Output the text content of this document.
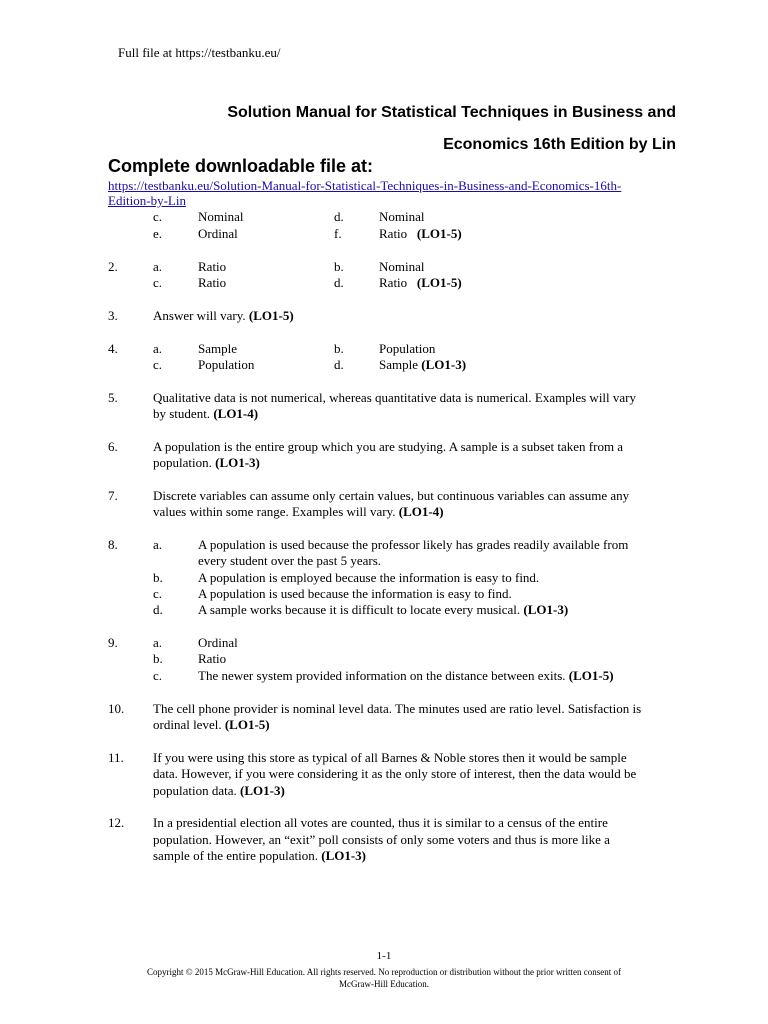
Full file at https://testbanku.eu/
Solution Manual for Statistical Techniques in Business and
Economics 16th Edition by Lin
Complete downloadable file at:
https://testbanku.eu/Solution-Manual-for-Statistical-Techniques-in-Business-and-Economics-16th-
Edition-by-Lin
c.	Nominal	d.	Nominal
e.	Ordinal	f.	Ratio (LO1-5)
2.	a.	Ratio	b.	Nominal
c.	Ratio	d.	Ratio (LO1-5)
3.	Answer will vary. (LO1-5)
4.	a.	Sample	b.	Population
c.	Population	d.	Sample (LO1-3)
5.	Qualitative data is not numerical, whereas quantitative data is numerical. Examples will vary
by student. (LO1-4)
6.	A population is the entire group which you are studying. A sample is a subset taken from a
population. (LO1-3)
7.	Discrete variables can assume only certain values, but continuous variables can assume any
values within some range. Examples will vary. (LO1-4)
8.	a.	A population is used because the professor likely has grades readily available from
every student over the past 5 years.
b.	A population is employed because the information is easy to find.
c.	A population is used because the information is easy to find.
d.	A sample works because it is difficult to locate every musical. (LO1-3)
9.	a.	Ordinal
b.	Ratio
c.	The newer system provided information on the distance between exits. (LO1-5)
10. The cell phone provider is nominal level data. The minutes used are ratio level. Satisfaction is
ordinal level. (LO1-5)
11. If you were using this store as typical of all Barnes & Noble stores then it would be sample
data. However, if you were considering it as the only store of interest, then the data would be
population data. (LO1-3)
12. In a presidential election all votes are counted, thus it is similar to a census of the entire
population. However, an “exit” poll consists of only some voters and thus is more like a
sample of the entire population. (LO1-3)
1-1
Copyright © 2015 McGraw-Hill Education. All rights reserved. No reproduction or distribution without the prior written consent of
McGraw-Hill Education.
